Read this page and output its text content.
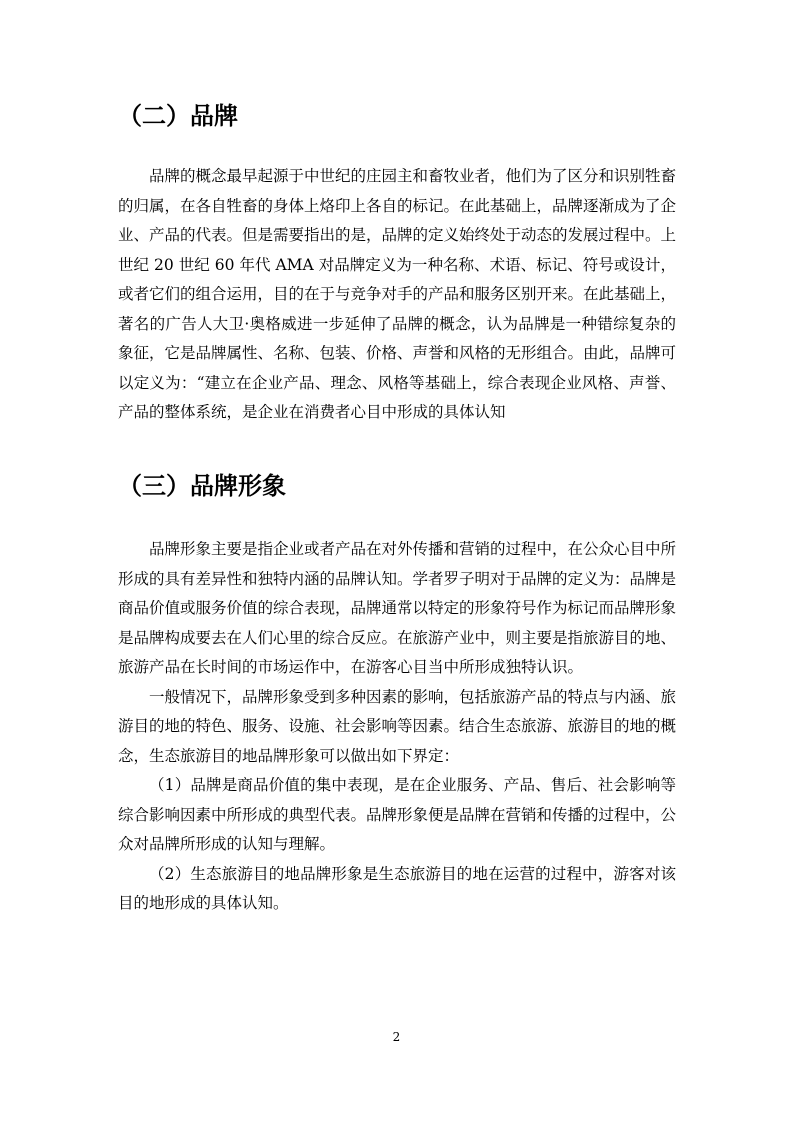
（二）品牌

品牌的概念最早起源于中世纪的庄园主和畜牧业者，他们为了区分和识别牲畜的归属，在各自牲畜的身体上烙印上各自的标记。在此基础上，品牌逐渐成为了企业、产品的代表。但是需要指出的是，品牌的定义始终处于动态的发展过程中。上世纪 20 世纪 60 年代 AMA 对品牌定义为一种名称、术语、标记、符号或设计，或者它们的组合运用，目的在于与竞争对手的产品和服务区别开来。在此基础上，著名的广告人大卫·奥格威进一步延伸了品牌的概念，认为品牌是一种错综复杂的象征，它是品牌属性、名称、包装、价格、声誉和风格的无形组合。由此，品牌可以定义为：“建立在企业产品、理念、风格等基础上，综合表现企业风格、声誉、产品的整体系统，是企业在消费者心目中形成的具体认知

（三）品牌形象

品牌形象主要是指企业或者产品在对外传播和营销的过程中，在公众心目中所形成的具有差异性和独特内涵的品牌认知。学者罗子明对于品牌的定义为：品牌是商品价值或服务价值的综合表现，品牌通常以特定的形象符号作为标记而品牌形象是品牌构成要去在人们心里的综合反应。在旅游产业中，则主要是指旅游目的地、旅游产品在长时间的市场运作中，在游客心目当中所形成独特认识。

一般情况下，品牌形象受到多种因素的影响，包括旅游产品的特点与内涵、旅游目的地的特色、服务、设施、社会影响等因素。结合生态旅游、旅游目的地的概念，生态旅游目的地品牌形象可以做出如下界定：

（1）品牌是商品价值的集中表现，是在企业服务、产品、售后、社会影响等综合影响因素中所形成的典型代表。品牌形象便是品牌在营销和传播的过程中，公众对品牌所形成的认知与理解。

（2）生态旅游目的地品牌形象是生态旅游目的地在运营的过程中，游客对该目的地形成的具体认知。

2
